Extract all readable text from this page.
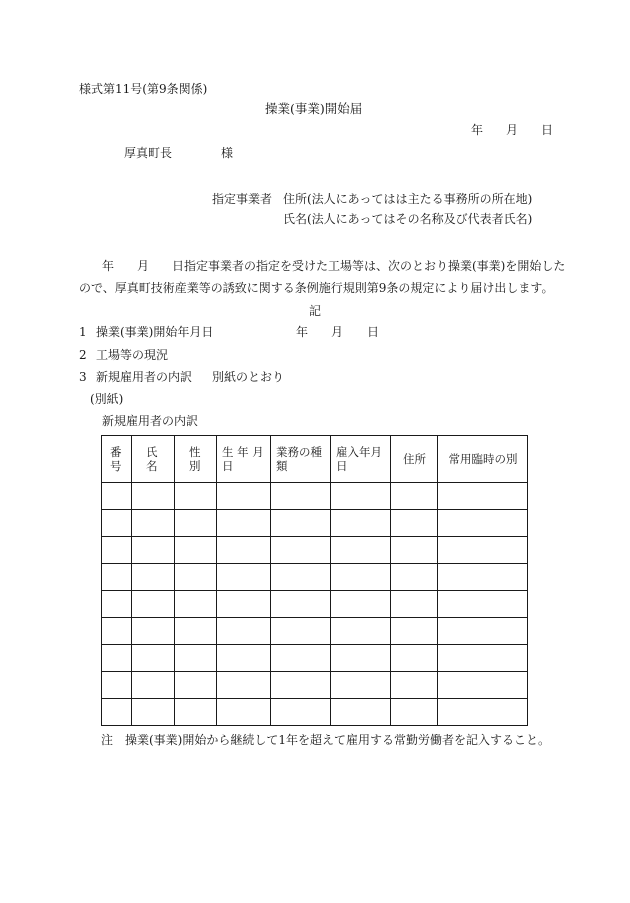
様式第11号(第9条関係)
操業(事業)開始届
年 月 日
厚真町長	様
指定事業者 住所(法人にあってはは主たる事務所の所在地)
氏名(法人にあってはその名称及び代表者氏名)
年 月 日指定事業者の指定を受けた工場等は、次のとおり操業(事業)を開始した
ので、厚真町技術産業等の誘致に関する条例施行規則第9条の規定により届け出します。
記
1 操業(事業)開始年月日	年 月 日
2 工場等の現況
3 新規雇用者の内訳 別紙のとおり
(別紙)
新規雇用者の内訳
番号	氏名	性別	生 年 月 日	業務の種類	雇入年月日	住所	常用臨時の別

注　操業(事業)開始から継続して1年を超えて雇用する常勤労働者を記入すること。
